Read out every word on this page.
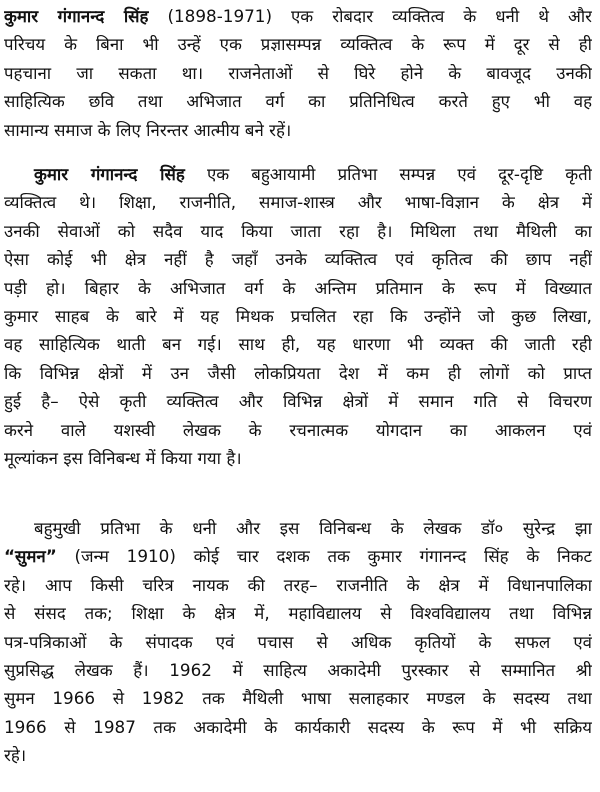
कुमार गंगानन्द सिंह (1898-1971) एक रोबदार व्यक्तित्व के धनी थे और
परिचय के बिना भी उन्हें एक प्रज्ञासम्पन्न व्यक्तित्व के रूप में दूर से ही
पहचाना जा सकता था। राजनेताओं से घिरे होने के बावजूद उनकी
साहित्यिक छवि तथा अभिजात वर्ग का प्रतिनिधित्व करते हुए भी वह
सामान्य समाज के लिए निरन्तर आत्मीय बने रहें।
कुमार गंगानन्द सिंह एक बहुआयामी प्रतिभा सम्पन्न एवं दूर-दृष्टि कृती
व्यक्तित्व थे। शिक्षा, राजनीति, समाज-शास्त्र और भाषा-विज्ञान के क्षेत्र में
उनकी सेवाओं को सदैव याद किया जाता रहा है। मिथिला तथा मैथिली का
ऐसा कोई भी क्षेत्र नहीं है जहाँ उनके व्यक्तित्व एवं कृतित्व की छाप नहीं
पड़ी हो। बिहार के अभिजात वर्ग के अन्तिम प्रतिमान के रूप में विख्यात
कुमार साहब के बारे में यह मिथक प्रचलित रहा कि उन्होंने जो कुछ लिखा,
वह साहित्यिक थाती बन गई। साथ ही, यह धारणा भी व्यक्त की जाती रही
कि विभिन्न क्षेत्रों में उन जैसी लोकप्रियता देश में कम ही लोगों को प्राप्त
हुई है– ऐसे कृती व्यक्तित्व और विभिन्न क्षेत्रों में समान गति से विचरण
करने वाले यशस्वी लेखक के रचनात्मक योगदान का आकलन एवं
मूल्यांकन इस विनिबन्ध में किया गया है।
बहुमुखी प्रतिभा के धनी और इस विनिबन्ध के लेखक डॉ० सुरेन्द्र झा
“सुमन” (जन्म 1910) कोई चार दशक तक कुमार गंगानन्द सिंह के निकट
रहे। आप किसी चरित्र नायक की तरह– राजनीति के क्षेत्र में विधानपालिका
से संसद तक; शिक्षा के क्षेत्र में, महाविद्यालय से विश्वविद्यालय तथा विभिन्न
पत्र-पत्रिकाओं के संपादक एवं पचास से अधिक कृतियों के सफल एवं
सुप्रसिद्ध लेखक हैं। 1962 में साहित्य अकादेमी पुरस्कार से सम्मानित श्री
सुमन 1966 से 1982 तक मैथिली भाषा सलाहकार मण्डल के सदस्य तथा
1966 से 1987 तक अकादेमी के कार्यकारी सदस्य के रूप में भी सक्रिय
रहे।
